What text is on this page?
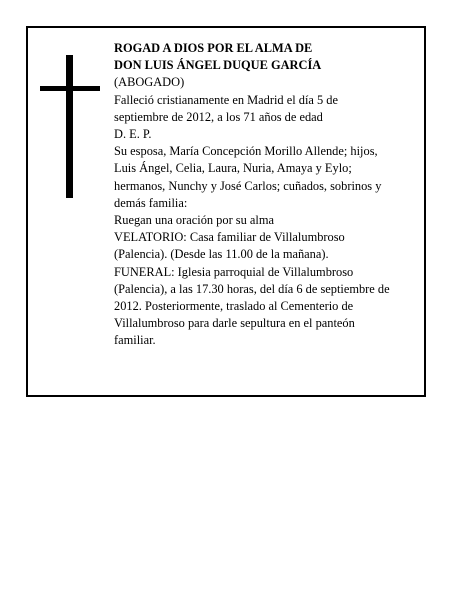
ROGAD A DIOS POR EL ALMA DE
DON LUIS ÁNGEL DUQUE GARCÍA
(ABOGADO)
Falleció cristianamente en Madrid el día 5 de
septiembre de 2012, a los 71 años de edad
D. E. P.
Su esposa, María Concepción Morillo Allende; hijos,
Luis Ángel, Celia, Laura, Nuria, Amaya y Eylo;
hermanos, Nunchy y José Carlos; cuñados, sobrinos y
demás familia:
Ruegan una oración por su alma
VELATORIO: Casa familiar de Villalumbroso
(Palencia). (Desde las 11.00 de la mañana).
FUNERAL: Iglesia parroquial de Villalumbroso
(Palencia), a las 17.30 horas, del día 6 de septiembre de
2012. Posteriormente, traslado al Cementerio de
Villalumbroso para darle sepultura en el panteón
familiar.
